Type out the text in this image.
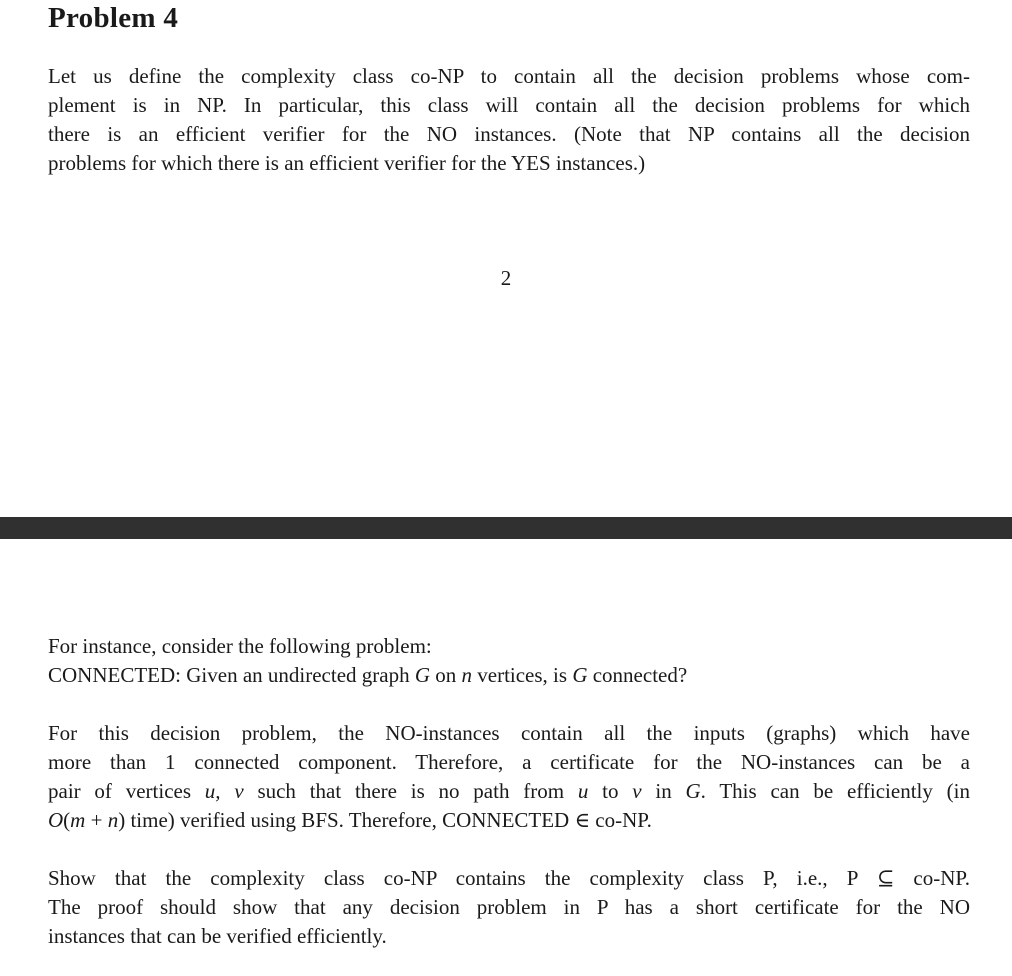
Problem 4
Let us define the complexity class co-NP to contain all the decision problems whose com-
plement is in NP. In particular, this class will contain all the decision problems for which
there is an efficient verifier for the NO instances. (Note that NP contains all the decision
problems for which there is an efficient verifier for the YES instances.)
2
For instance, consider the following problem:
CONNECTED: Given an undirected graph G on n vertices, is G connected?
For this decision problem, the NO-instances contain all the inputs (graphs) which have
more than 1 connected component. Therefore, a certificate for the NO-instances can be a
pair of vertices u, v such that there is no path from u to v in G. This can be efficiently (in
O(m + n) time) verified using BFS. Therefore, CONNECTED ∈ co-NP.
Show that the complexity class co-NP contains the complexity class P, i.e., P ⊆ co-NP.
The proof should show that any decision problem in P has a short certificate for the NO
instances that can be verified efficiently.
